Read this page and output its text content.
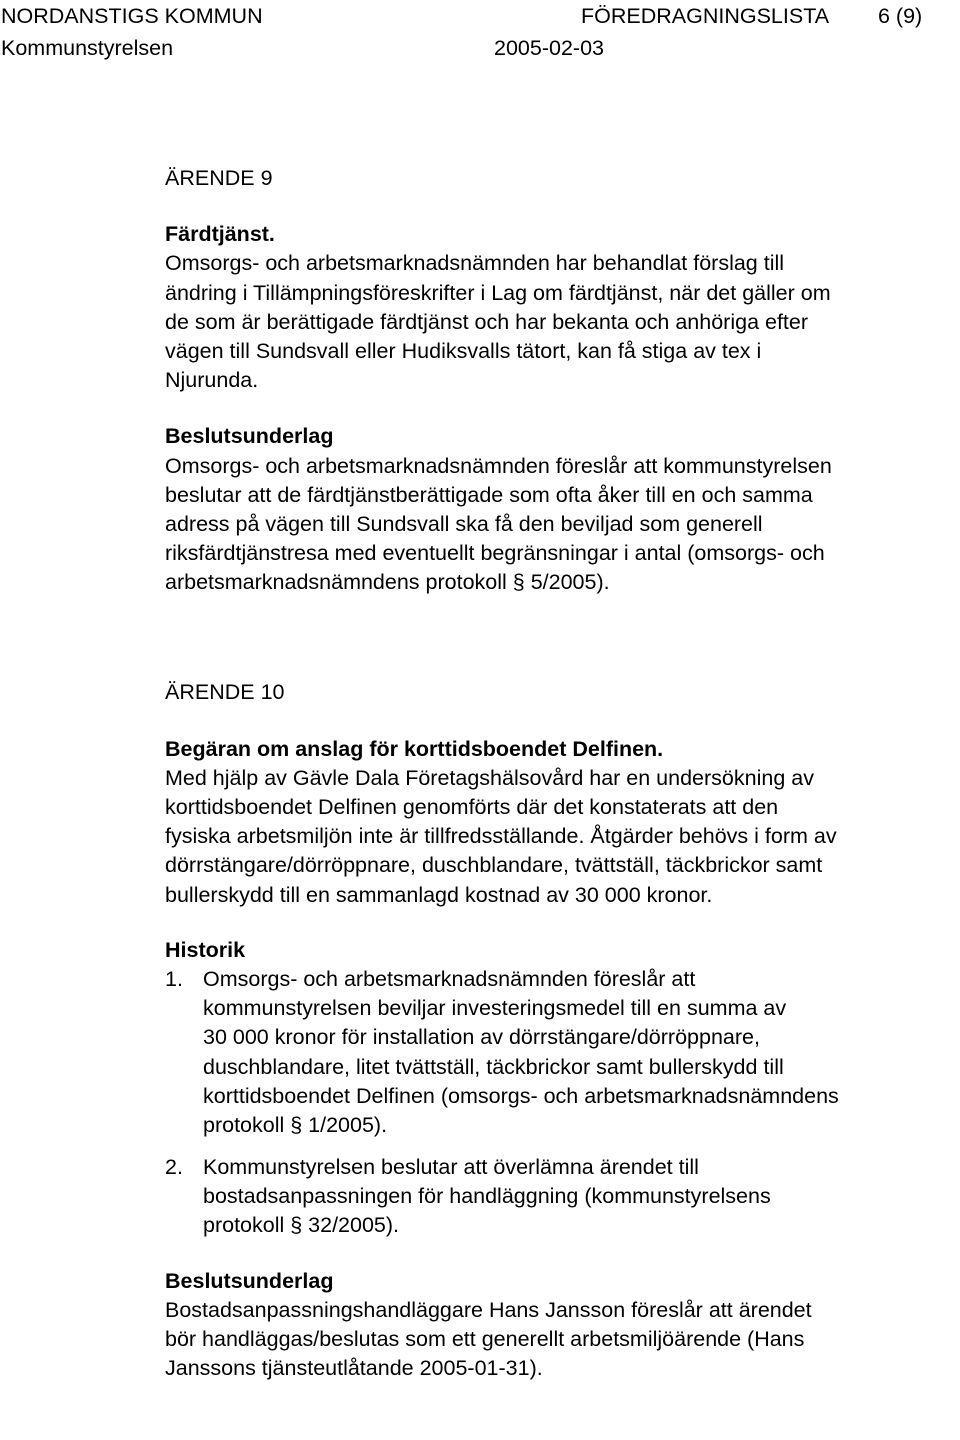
NORDANSTIGS KOMMUN	FÖREDRAGNINGSLISTA 6 (9)
Kommunstyrelsen	2005-02-03
ÄRENDE 9
Färdtjänst.
Omsorgs- och arbetsmarknadsnämnden har behandlat förslag till
ändring i Tillämpningsföreskrifter i Lag om färdtjänst, när det gäller om
de som är berättigade färdtjänst och har bekanta och anhöriga efter
vägen till Sundsvall eller Hudiksvalls tätort, kan få stiga av tex i
Njurunda.
Beslutsunderlag
Omsorgs- och arbetsmarknadsnämnden föreslår att kommunstyrelsen
beslutar att de färdtjänstberättigade som ofta åker till en och samma
adress på vägen till Sundsvall ska få den beviljad som generell
riksfärdtjänstresa med eventuellt begränsningar i antal (omsorgs- och
arbetsmarknadsnämndens protokoll § 5/2005).
ÄRENDE 10
Begäran om anslag för korttidsboendet Delfinen.
Med hjälp av Gävle Dala Företagshälsovård har en undersökning av
korttidsboendet Delfinen genomförts där det konstaterats att den
fysiska arbetsmiljön inte är tillfredsställande. Åtgärder behövs i form av
dörrstängare/dörröppnare, duschblandare, tvättställ, täckbrickor samt
bullerskydd till en sammanlagd kostnad av 30 000 kronor.
Historik
1. Omsorgs- och arbetsmarknadsnämnden föreslår att
kommunstyrelsen beviljar investeringsmedel till en summa av
30 000 kronor för installation av dörrstängare/dörröppnare,
duschblandare, litet tvättställ, täckbrickor samt bullerskydd till
korttidsboendet Delfinen (omsorgs- och arbetsmarknadsnämndens
protokoll § 1/2005).
2. Kommunstyrelsen beslutar att överlämna ärendet till
bostadsanpassningen för handläggning (kommunstyrelsens
protokoll § 32/2005).
Beslutsunderlag
Bostadsanpassningshandläggare Hans Jansson föreslår att ärendet
bör handläggas/beslutas som ett generellt arbetsmiljöärende (Hans
Janssons tjänsteutlåtande 2005-01-31).
